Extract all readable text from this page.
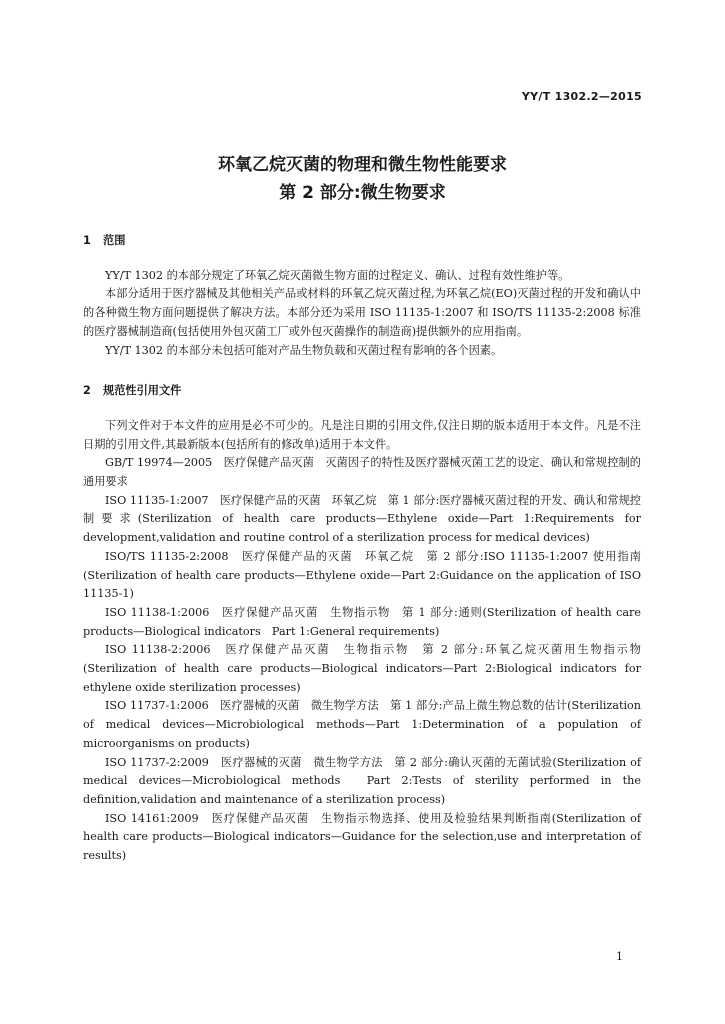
YY/T 1302.2—2015
环氧乙烷灭菌的物理和微生物性能要求
第 2 部分:微生物要求
1 范围

YY/T 1302 的本部分规定了环氧乙烷灭菌微生物方面的过程定义、确认、过程有效性维护等。

本部分适用于医疗器械及其他相关产品或材料的环氧乙烷灭菌过程,为环氧乙烷(EO)灭菌过程的开发和确认中的各种微生物方面问题提供了解决方法。本部分还为采用 ISO 11135-1:2007 和 ISO/TS 11135-2:2008 标准的医疗器械制造商(包括使用外包灭菌工厂或外包灭菌操作的制造商)提供额外的应用指南。

YY/T 1302 的本部分未包括可能对产品生物负载和灭菌过程有影响的各个因素。

2 规范性引用文件

下列文件对于本文件的应用是必不可少的。凡是注日期的引用文件,仅注日期的版本适用于本文件。凡是不注日期的引用文件,其最新版本(包括所有的修改单)适用于本文件。

GB/T 19974—2005　医疗保健产品灭菌　灭菌因子的特性及医疗器械灭菌工艺的设定、确认和常规控制的通用要求

ISO 11135-1:2007　医疗保健产品的灭菌　环氧乙烷　第 1 部分:医疗器械灭菌过程的开发、确认和常规控制要求(Sterilization of health care products—Ethylene oxide—Part 1:Requirements for development,validation and routine control of a sterilization process for medical devices)

ISO/TS 11135-2:2008　医疗保健产品的灭菌　环氧乙烷　第 2 部分:ISO 11135-1:2007 使用指南(Sterilization of health care products—Ethylene oxide—Part 2:Guidance on the application of ISO 11135-1)

ISO 11138-1:2006　医疗保健产品灭菌　生物指示物　第 1 部分:通则(Sterilization of health care products—Biological indicators　Part 1:General requirements)

ISO 11138-2:2006　医疗保健产品灭菌　生物指示物　第 2 部分:环氧乙烷灭菌用生物指示物(Sterilization of health care products—Biological indicators—Part 2:Biological indicators for ethylene oxide sterilization processes)

ISO 11737-1:2006　医疗器械的灭菌　微生物学方法　第 1 部分:产品上微生物总数的估计(Sterilization of medical devices—Microbiological methods—Part 1:Determination of a population of microorganisms on products)

ISO 11737-2:2009　医疗器械的灭菌　微生物学方法　第 2 部分:确认灭菌的无菌试验(Sterilization of medical devices—Microbiological methods　Part 2:Tests of sterility performed in the definition,validation and maintenance of a sterilization process)

ISO 14161:2009　医疗保健产品灭菌　生物指示物选择、使用及检验结果判断指南(Sterilization of health care products—Biological indicators—Guidance for the selection,use and interpretation of results)

1
